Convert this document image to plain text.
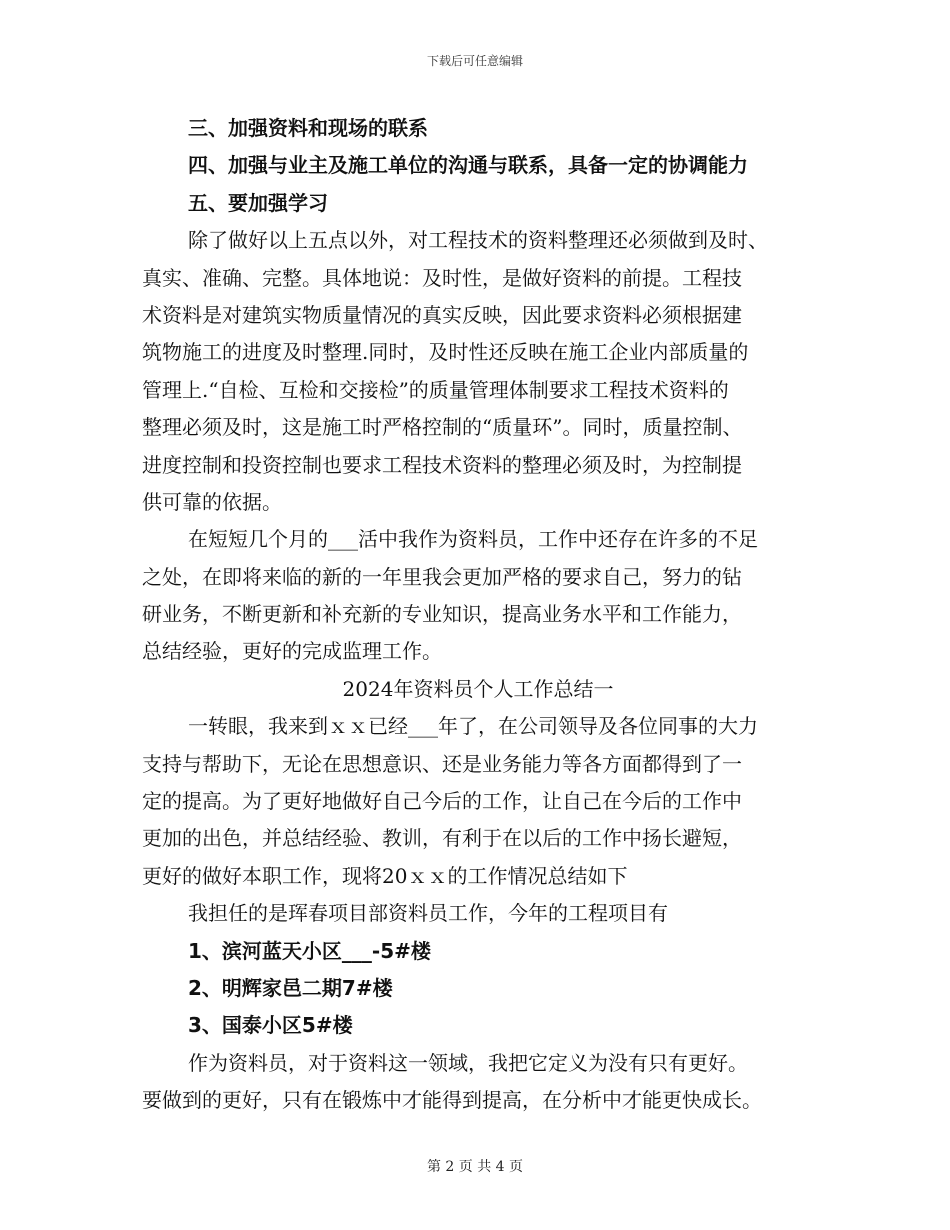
下载后可任意编辑
三、加强资料和现场的联系
四、加强与业主及施工单位的沟通与联系，具备一定的协调能力
五、要加强学习
除了做好以上五点以外，对工程技术的资料整理还必须做到及时、
真实、准确、完整。具体地说：及时性，是做好资料的前提。工程技
术资料是对建筑实物质量情况的真实反映，因此要求资料必须根据建
筑物施工的进度及时整理.同时，及时性还反映在施工企业内部质量的
管理上.“自检、互检和交接检”的质量管理体制要求工程技术资料的
整理必须及时，这是施工时严格控制的“质量环”。同时，质量控制、
进度控制和投资控制也要求工程技术资料的整理必须及时，为控制提
供可靠的依据。
在短短几个月的___活中我作为资料员，工作中还存在许多的不足
之处，在即将来临的新的一年里我会更加严格的要求自己，努力的钻
研业务，不断更新和补充新的专业知识，提高业务水平和工作能力，
总结经验，更好的完成监理工作。
2024年资料员个人工作总结一
一转眼，我来到ｘｘ已经___年了，在公司领导及各位同事的大力
支持与帮助下，无论在思想意识、还是业务能力等各方面都得到了一
定的提高。为了更好地做好自己今后的工作，让自己在今后的工作中
更加的出色，并总结经验、教训，有利于在以后的工作中扬长避短，
更好的做好本职工作，现将20ｘｘ的工作情况总结如下
我担任的是珲春项目部资料员工作，今年的工程项目有
1、滨河蓝天小区___-5#楼
2、明辉家邑二期7#楼
3、国泰小区5#楼
作为资料员，对于资料这一领域，我把它定义为没有只有更好。
要做到的更好，只有在锻炼中才能得到提高，在分析中才能更快成长。
第 2 页 共 4 页
